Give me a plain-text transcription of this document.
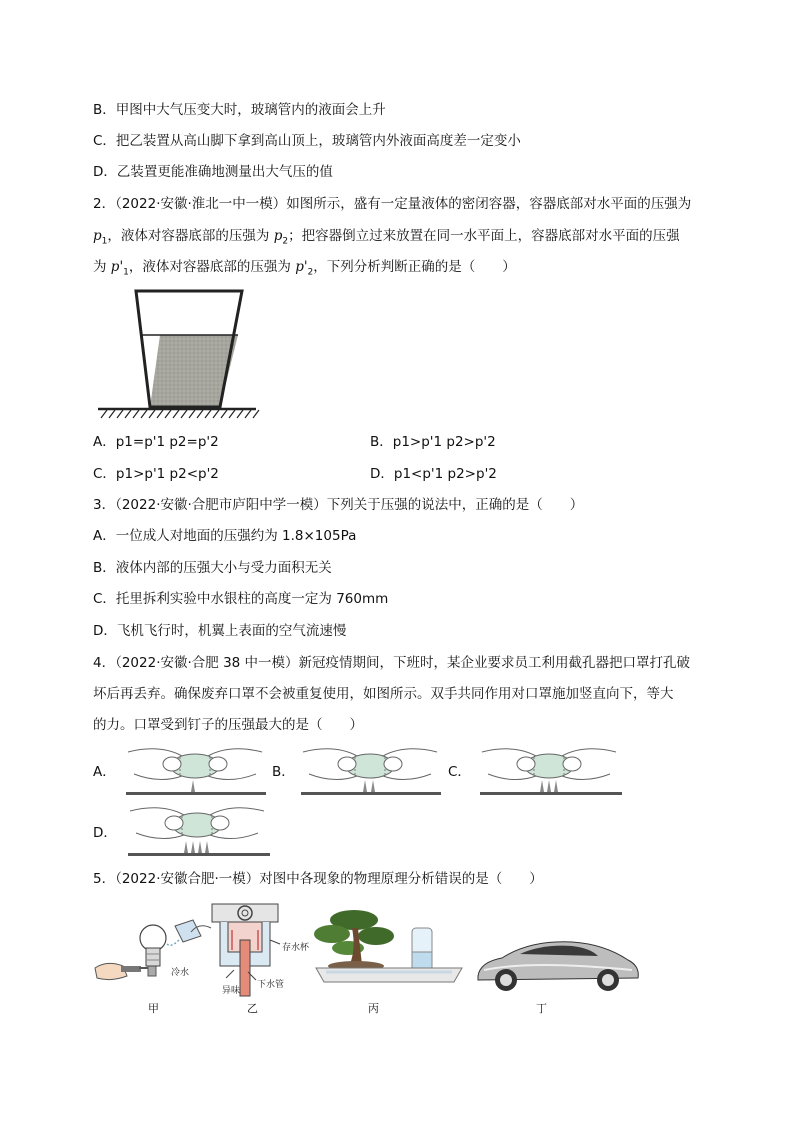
B．甲图中大气压变大时，玻璃管内的液面会上升
C．把乙装置从高山脚下拿到高山顶上，玻璃管内外液面高度差一定变小
D．乙装置更能准确地测量出大气压的值
2．（2022·安徽·淮北一中一模）如图所示，盛有一定量液体的密闭容器，容器底部对水平面的压强为
$p_1$，液体对容器底部的压强为 $p_2$；把容器倒立过来放置在同一水平面上，容器底部对水平面的压强
为 $p'_1$，液体对容器底部的压强为 $p'_2$，下列分析判断正确的是（　　）
A．p1=p'1 p2=p'2	B．p1>p'1 p2>p'2
C．p1>p'1 p2<p'2	D．p1<p'1 p2>p'2
3．（2022·安徽·合肥市庐阳中学一模）下列关于压强的说法中，正确的是（　　）
A．一位成人对地面的压强约为 1.8×105Pa
B．液体内部的压强大小与受力面积无关
C．托里拆利实验中水银柱的高度一定为 760mm
D．飞机飞行时，机翼上表面的空气流速慢
4．（2022·安徽·合肥 38 中一模）新冠疫情期间，下班时，某企业要求员工利用截孔器把口罩打孔破
坏后再丢弃。确保废弃口罩不会被重复使用，如图所示。双手共同作用对口罩施加竖直向下，等大
的力。口罩受到钉子的压强最大的是（　　）
A．	B．	C．
D．
5．（2022·安徽合肥·一模）对图中各现象的物理原理分析错误的是（　　）
冷水
甲
存水杯
异味
下水管
乙	丙	丁
